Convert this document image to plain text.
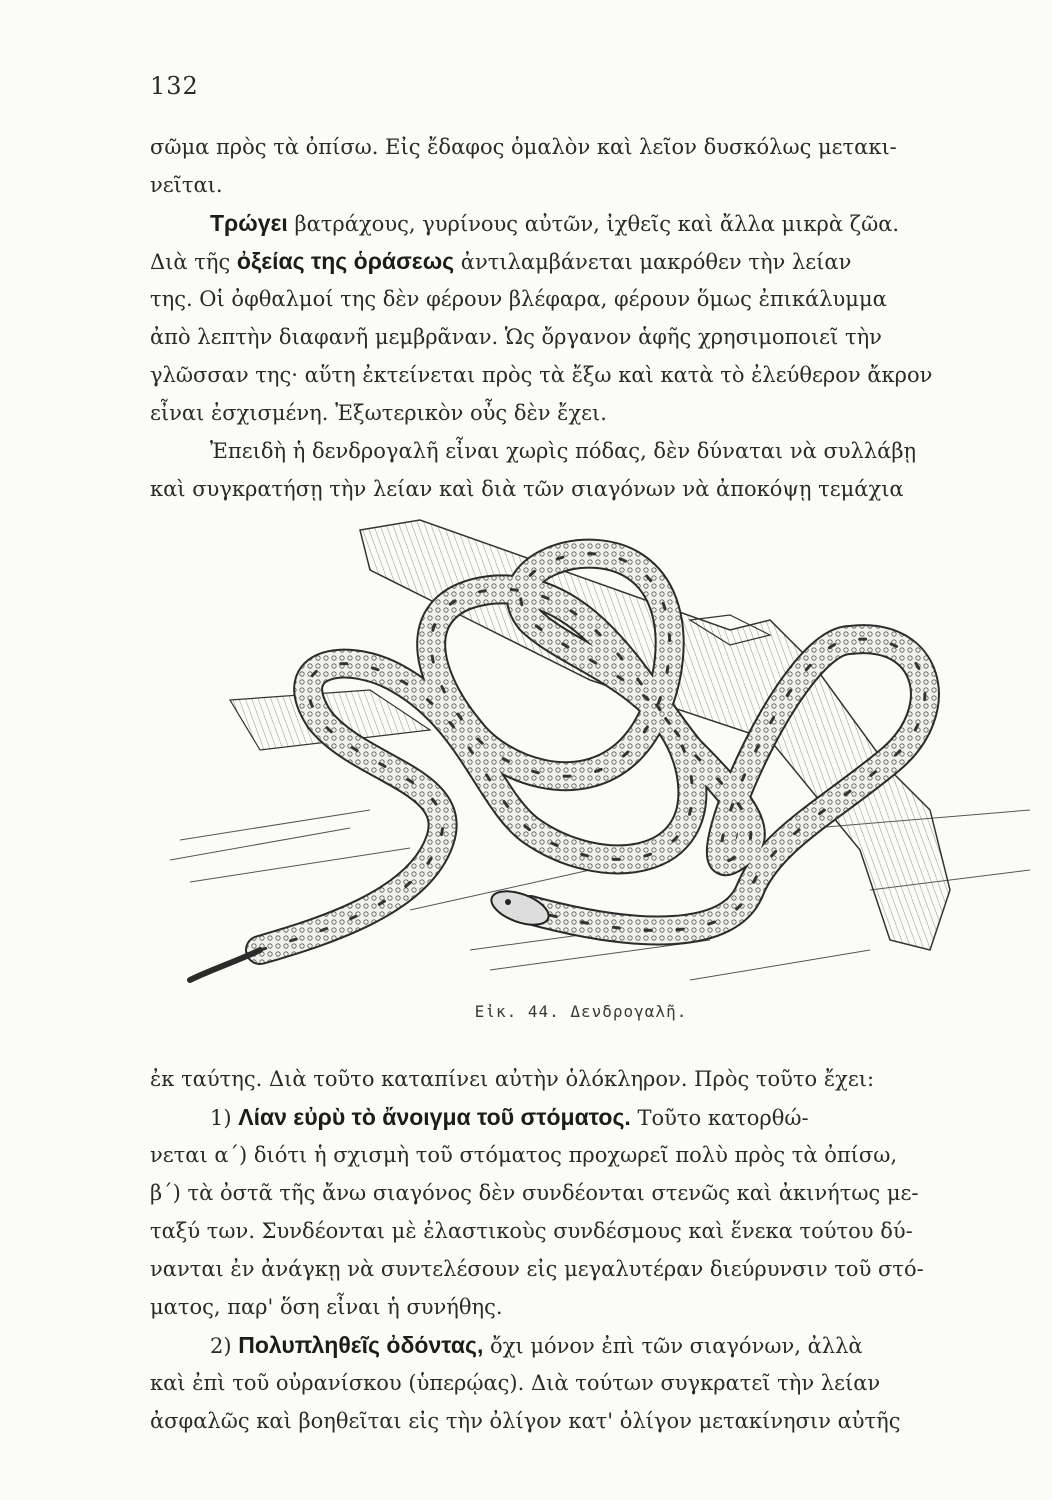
132
σῶμα πρὸς τὰ ὀπίσω. Εἰς ἔδαφος ὁμαλὸν καὶ λεῖον δυσκόλως μετακι-
νεῖται.
Τρώγει βατράχους, γυρίνους αὐτῶν, ἰχθεῖς καὶ ἄλλα μικρὰ ζῶα.
Διὰ τῆς ὀξείας της ὁράσεως ἀντιλαμβάνεται μακρόθεν τὴν λείαν
της. Οἱ ὀφθαλμοί της δὲν φέρουν βλέφαρα, φέρουν ὅμως ἐπικάλυμμα
ἀπὸ λεπτὴν διαφανῆ μεμβρᾶναν. Ὡς ὄργανον ἁφῆς χρησιμοποιεῖ τὴν
γλῶσσαν της· αὕτη ἐκτείνεται πρὸς τὰ ἔξω καὶ κατὰ τὸ ἐλεύθερον ἄκρον
εἶναι ἐσχισμένη. Ἐξωτερικὸν οὖς δὲν ἔχει.
Ἐπειδὴ ἡ δενδρογαλῆ εἶναι χωρὶς πόδας, δὲν δύναται νὰ συλλάβῃ
καὶ συγκρατήσῃ τὴν λείαν καὶ διὰ τῶν σιαγόνων νὰ ἀποκόψῃ τεμάχια
Εἰκ. 44. Δενδρογαλῆ.
ἐκ ταύτης. Διὰ τοῦτο καταπίνει αὐτὴν ὁλόκληρον. Πρὸς τοῦτο ἔχει:
1) Λίαν εὐρὺ τὸ ἄνοιγμα τοῦ στόματος. Τοῦτο κατορθώ-
νεται α΄) διότι ἡ σχισμὴ τοῦ στόματος προχωρεῖ πολὺ πρὸς τὰ ὀπίσω,
β΄) τὰ ὀστᾶ τῆς ἄνω σιαγόνος δὲν συνδέονται στενῶς καὶ ἀκινήτως με-
ταξύ των. Συνδέονται μὲ ἐλαστικοὺς συνδέσμους καὶ ἕνεκα τούτου δύ-
νανται ἐν ἀνάγκῃ νὰ συντελέσουν εἰς μεγαλυτέραν διεύρυνσιν τοῦ στό-
ματος, παρ' ὅση εἶναι ἡ συνήθης.
2) Πολυπληθεῖς ὀδόντας, ὄχι μόνον ἐπὶ τῶν σιαγόνων, ἀλλὰ
καὶ ἐπὶ τοῦ οὐρανίσκου (ὑπερῴας). Διὰ τούτων συγκρατεῖ τὴν λείαν
ἀσφαλῶς καὶ βοηθεῖται εἰς τὴν ὀλίγον κατ' ὀλίγον μετακίνησιν αὐτῆς
